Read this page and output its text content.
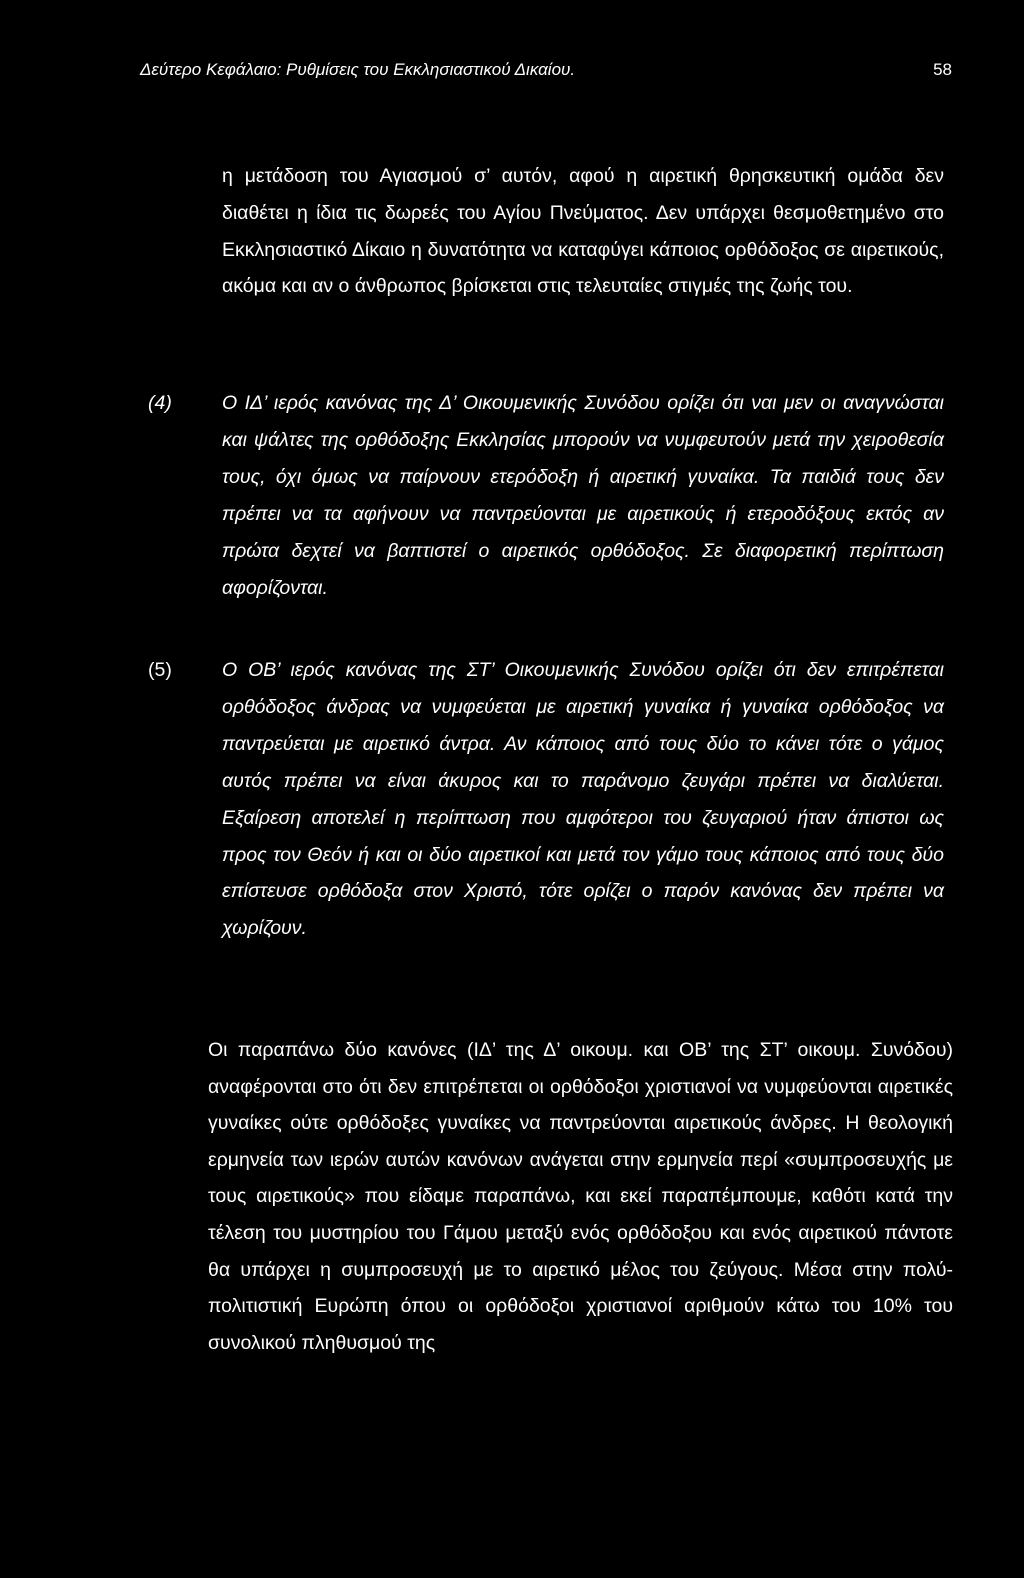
Δεύτερο Κεφάλαιο: Ρυθμίσεις του Εκκλησιαστικού Δικαίου.	58

η μετάδοση του Αγιασμού σ’ αυτόν, αφού η αιρετική θρησκευτική ομάδα δεν διαθέτει η ίδια τις δωρεές του Αγίου Πνεύματος. Δεν υπάρχει θεσμοθετημένο στο Εκκλησιαστικό Δίκαιο η δυνατότητα να καταφύγει κάποιος ορθόδοξος σε αιρετικούς, ακόμα και αν ο άνθρωπος βρίσκεται στις τελευταίες στιγμές της ζωής του.

(4)	Ο ΙΔ’ ιερός κανόνας της Δ’ Οικουμενικής Συνόδου ορίζει ότι ναι μεν οι αναγνώσται και ψάλτες της ορθόδοξης Εκκλησίας μπορούν να νυμφευτούν μετά την χειροθεσία τους, όχι όμως να παίρνουν ετερόδοξη ή αιρετική γυναίκα. Τα παιδιά τους δεν πρέπει να τα αφήνουν να παντρεύονται με αιρετικούς ή ετεροδόξους εκτός αν πρώτα δεχτεί να βαπτιστεί ο αιρετικός ορθόδοξος. Σε διαφορετική περίπτωση αφορίζονται.

(5)	Ο ΟΒ’ ιερός κανόνας της ΣΤ’ Οικουμενικής Συνόδου ορίζει ότι δεν επιτρέπεται ορθόδοξος άνδρας να νυμφεύεται με αιρετική γυναίκα ή γυναίκα ορθόδοξος να παντρεύεται με αιρετικό άντρα. Αν κάποιος από τους δύο το κάνει τότε ο γάμος αυτός πρέπει να είναι άκυρος και το παράνομο ζευγάρι πρέπει να διαλύεται. Εξαίρεση αποτελεί η περίπτωση που αμφότεροι του ζευγαριού ήταν άπιστοι ως προς τον Θεόν ή και οι δύο αιρετικοί και μετά τον γάμο τους κάποιος από τους δύο επίστευσε ορθόδοξα στον Χριστό, τότε ορίζει ο παρόν κανόνας δεν πρέπει να χωρίζουν.

Οι παραπάνω δύο κανόνες (ΙΔ’ της Δ’ οικουμ. και ΟΒ’ της ΣΤ’ οικουμ. Συνόδου) αναφέρονται στο ότι δεν επιτρέπεται οι ορθόδοξοι χριστιανοί να νυμφεύονται αιρετικές γυναίκες ούτε ορθόδοξες γυναίκες να παντρεύονται αιρετικούς άνδρες. Η θεολογική ερμηνεία των ιερών αυτών κανόνων ανάγεται στην ερμηνεία περί «συμπροσευχής με τους αιρετικούς» που είδαμε παραπάνω, και εκεί παραπέμπουμε, καθότι κατά την τέλεση του μυστηρίου του Γάμου μεταξύ ενός ορθόδοξου και ενός αιρετικού πάντοτε θα υπάρχει η συμπροσευχή με το αιρετικό μέλος του ζεύγους. Μέσα στην πολύ-πολιτιστική Ευρώπη όπου οι ορθόδοξοι χριστιανοί αριθμούν κάτω του 10% του συνολικού πληθυσμού της
